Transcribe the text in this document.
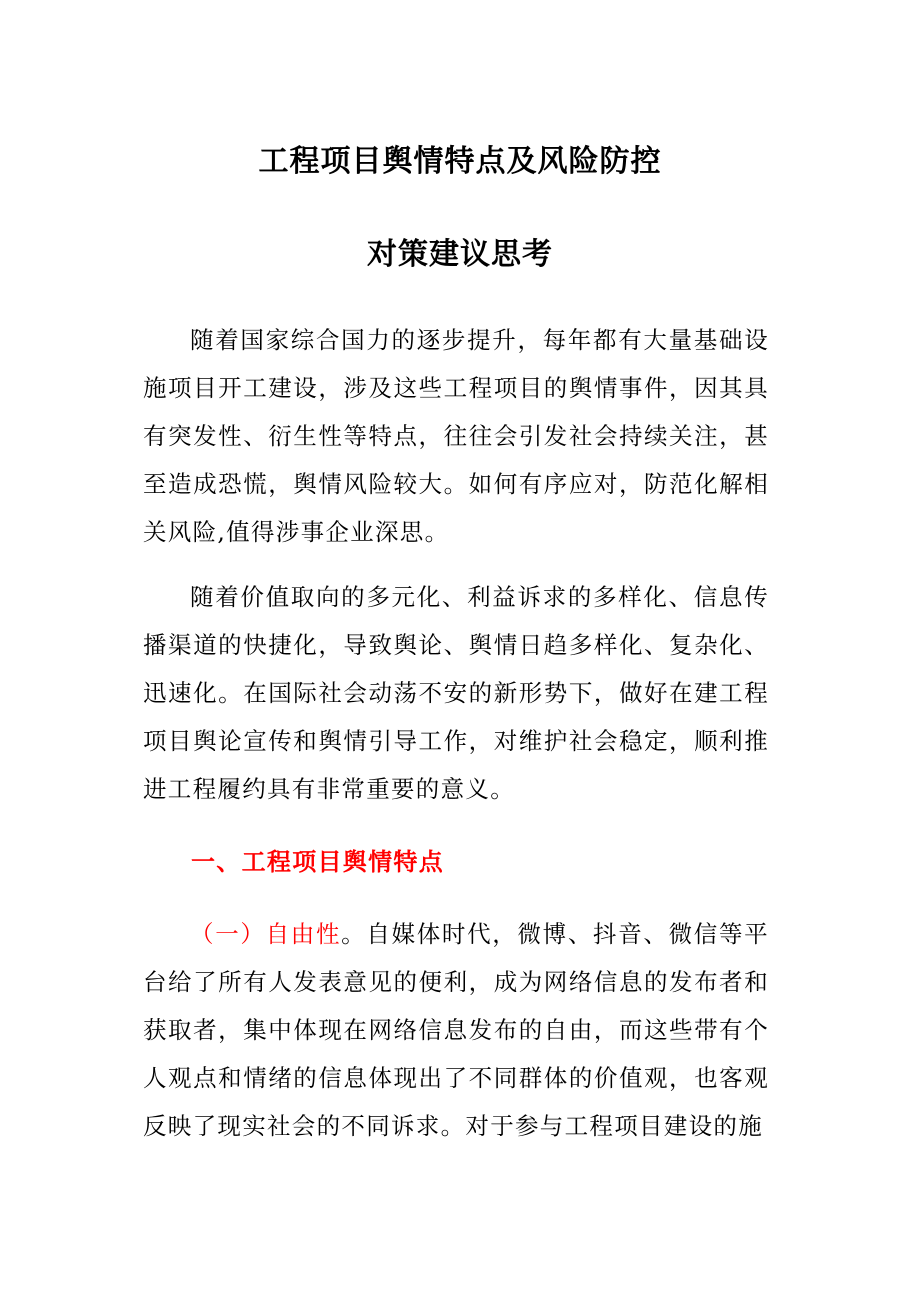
工程项目舆情特点及风险防控
对策建议思考

随着国家综合国力的逐步提升，每年都有大量基础设施项目开工建设，涉及这些工程项目的舆情事件，因其具有突发性、衍生性等特点，往往会引发社会持续关注，甚至造成恐慌，舆情风险较大。如何有序应对，防范化解相关风险,值得涉事企业深思。

随着价值取向的多元化、利益诉求的多样化、信息传播渠道的快捷化，导致舆论、舆情日趋多样化、复杂化、迅速化。在国际社会动荡不安的新形势下，做好在建工程项目舆论宣传和舆情引导工作，对维护社会稳定，顺利推进工程履约具有非常重要的意义。

一、工程项目舆情特点

（一）自由性。自媒体时代，微博、抖音、微信等平台给了所有人发表意见的便利，成为网络信息的发布者和获取者，集中体现在网络信息发布的自由，而这些带有个人观点和情绪的信息体现出了不同群体的价值观，也客观反映了现实社会的不同诉求。对于参与工程项目建设的施
